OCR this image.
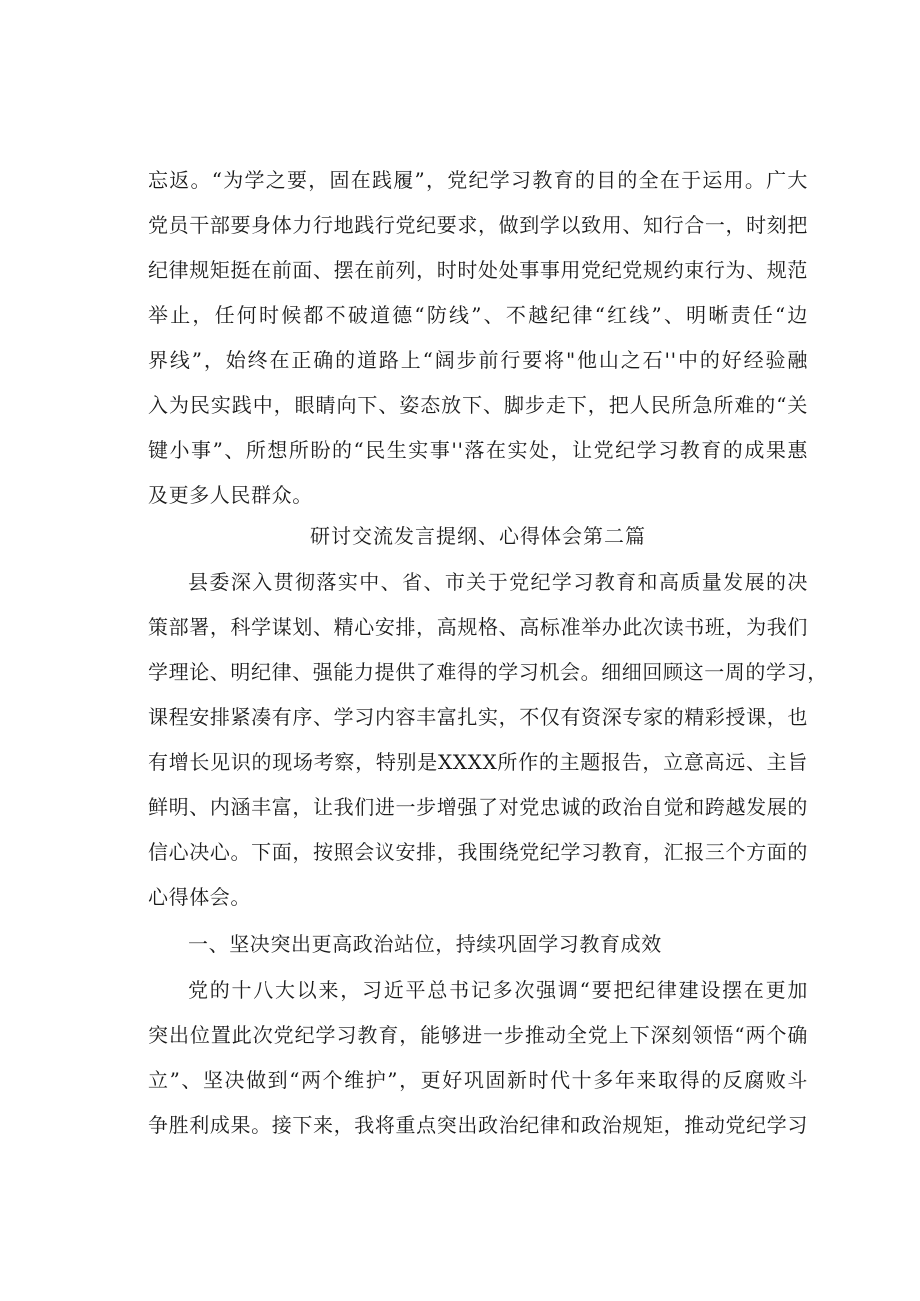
忘返。“为学之要，固在践履”，党纪学习教育的目的全在于运用。广大
党员干部要身体力行地践行党纪要求，做到学以致用、知行合一，时刻把
纪律规矩挺在前面、摆在前列，时时处处事事用党纪党规约束行为、规范
举止，任何时候都不破道德“防线”、不越纪律“红线”、明晰责任“边
界线”，始终在正确的道路上“阔步前行要将"他山之石''中的好经验融
入为民实践中，眼睛向下、姿态放下、脚步走下，把人民所急所难的“关
键小事”、所想所盼的“民生实事''落在实处，让党纪学习教育的成果惠
及更多人民群众。
研讨交流发言提纲、心得体会第二篇
县委深入贯彻落实中、省、市关于党纪学习教育和高质量发展的决
策部署，科学谋划、精心安排，高规格、高标准举办此次读书班，为我们
学理论、明纪律、强能力提供了难得的学习机会。细细回顾这一周的学习，
课程安排紧凑有序、学习内容丰富扎实，不仅有资深专家的精彩授课，也
有增长见识的现场考察，特别是XXXX所作的主题报告，立意高远、主旨
鲜明、内涵丰富，让我们进一步增强了对党忠诚的政治自觉和跨越发展的
信心决心。下面，按照会议安排，我围绕党纪学习教育，汇报三个方面的
心得体会。
一、坚决突出更高政治站位，持续巩固学习教育成效
党的十八大以来，习近平总书记多次强调“要把纪律建设摆在更加
突出位置此次党纪学习教育，能够进一步推动全党上下深刻领悟“两个确
立”、坚决做到“两个维护”，更好巩固新时代十多年来取得的反腐败斗
争胜利成果。接下来，我将重点突出政治纪律和政治规矩，推动党纪学习
